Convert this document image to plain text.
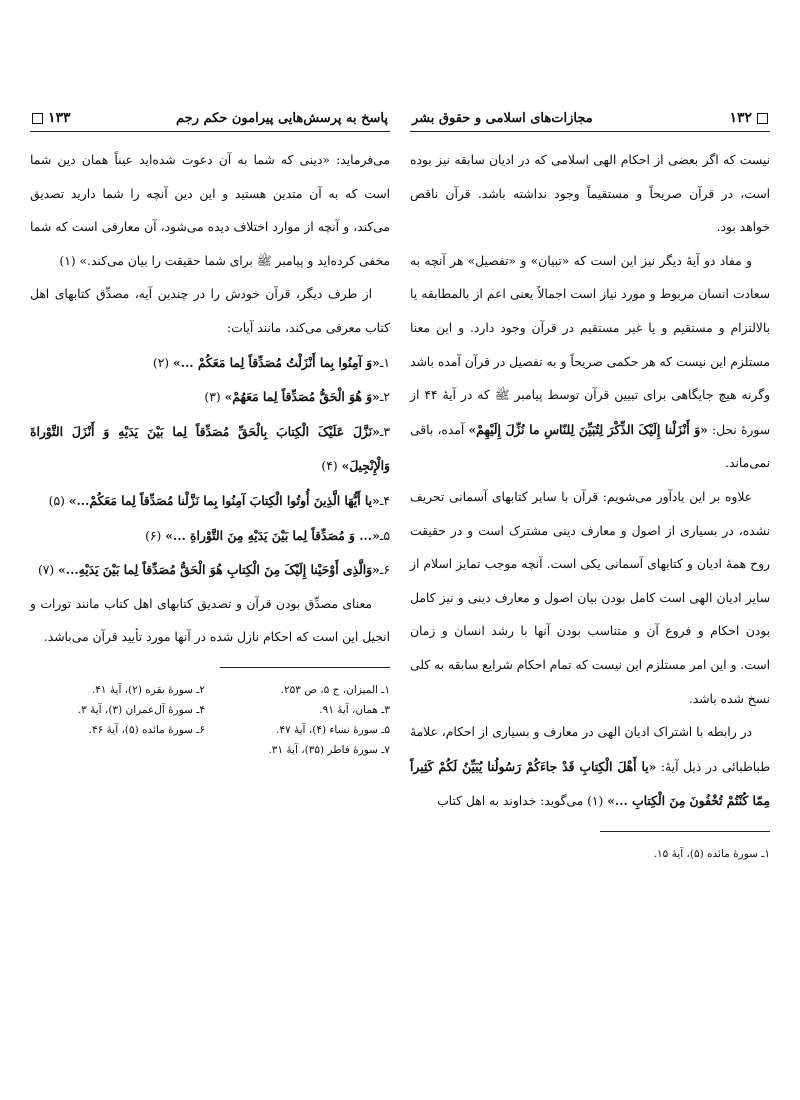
۱۳۲
مجازات‌های اسلامی و حقوق بشر

نیست که اگر بعضی از احکام الهی اسلامی که در ادیان سابقه نیز بوده است، در قرآن صریحاً و مستقیماً وجود نداشته باشد. قرآن ناقص خواهد بود.

و مفاد دو آیهٔ دیگر نیز این است که «تبیان» و «تفصیل» هر آنچه به سعادت انسان مربوط و مورد نیاز است اجمالاً یعنی اعم از بالمطابقه یا بالالتزام و مستقیم و یا غیر مستقیم در قرآن وجود دارد. و این معنا مستلزم این نیست که هر حکمی صریحاً و به تفصیل در قرآن آمده باشد وگرنه هیچ جایگاهی برای تبیین قرآن توسط پیامبر ﷺ که در آیهٔ ۴۴ از سورهٔ نحل: «وَ أَنْزَلْنا إِلَیْکَ الذِّکْرَ لِتُبَیِّنَ لِلنّاسِ ما نُزِّلَ إِلَیْهِمْ» آمده، باقی نمی‌ماند.

علاوه بر این یادآور می‌شویم: قرآن با سایر کتابهای آسمانی تحریف نشده، در بسیاری از اصول و معارف دینی مشترک است و در حقیقت روح همهٔ ادیان و کتابهای آسمانی یکی است. آنچه موجب تمایز اسلام از سایر ادیان الهی است کامل بودن بیان اصول و معارف دینی و نیز کامل بودن احکام و فروع آن و متناسب بودن آنها با رشد انسان و زمان است. و این امر مستلزم این نیست که تمام احکام شرایع سابقه به کلی نسخ شده باشد.

در رابطه با اشتراک ادیان الهی در معارف و بسیاری از احکام، علامهٔ طباطبائی در ذیل آیهٔ: «یا أَهْلَ الْکِتابِ قَدْ جاءَکُمْ رَسُولُنا یُبَیِّنُ لَکُمْ کَثِیراً مِمّا کُنْتُمْ تُخْفُونَ مِنَ الْکِتابِ ...» (۱) می‌گوید: خداوند به اهل کتاب

۱ـ سورهٔ مائده (۵)، آیهٔ ۱۵.
پاسخ به پرسش‌هایی پیرامون حکم رجم
۱۳۳

می‌فرماید: «دینی که شما به آن دعوت شده‌اید عیناً همان دین شما است که به آن متدین هستید و این دین آنچه را شما دارید تصدیق می‌کند، و آنچه از موارد اختلاف دیده می‌شود، آن معارفی است که شما مخفی کرده‌اید و پیامبر ﷺ برای شما حقیقت را بیان می‌کند.» (۱)

از طرف دیگر، قرآن خودش را در چندین آیه، مصدِّق کتابهای اهل کتاب معرفی می‌کند، مانند آیات:

۱ـ«وَ آمِنُوا بِما أَنْزَلْتُ مُصَدِّقاً لِما مَعَکُمْ ...» (۲)

۲ـ«وَ هُوَ الْحَقُّ مُصَدِّقاً لِما مَعَهُمْ» (۳)

۳ـ«نَزَّلَ عَلَیْکَ الْکِتابَ بِالْحَقِّ مُصَدِّقاً لِما بَیْنَ یَدَیْهِ وَ أَنْزَلَ التَّوْراةَ وَالْإِنْجِیلَ» (۴)

۴ـ«یا أَیُّهَا الَّذِینَ أُوتُوا الْکِتابَ آمِنُوا بِما نَزَّلْنا مُصَدِّقاً لِما مَعَکُمْ...» (۵)

۵ـ«... وَ مُصَدِّقاً لِما بَیْنَ یَدَیْهِ مِنَ التَّوْراةِ ...» (۶)

۶ـ«وَالَّذِی أَوْحَیْنا إِلَیْکَ مِنَ الْکِتابِ هُوَ الْحَقُّ مُصَدِّقاً لِما بَیْنَ یَدَیْهِ...» (۷)

معنای مصدِّق بودن قرآن و تصدیق کتابهای اهل کتاب مانند تورات و انجیل این است که احکام نازل شده در آنها مورد تأیید قرآن می‌باشد.

۱ـ المیزان، ج ۵، ص ۲۵۳.
۲ـ سورهٔ بقره (۲)، آیهٔ ۴۱.
۳ـ همان، آیهٔ ۹۱.
۴ـ سورهٔ آل‌عمران (۳)، آیهٔ ۳.
۵ـ سورهٔ نساء (۴)، آیهٔ ۴۷.
۶ـ سورهٔ مائده (۵)، آیهٔ ۴۶.
۷ـ سورهٔ فاطر (۳۵)، آیهٔ ۳۱.
